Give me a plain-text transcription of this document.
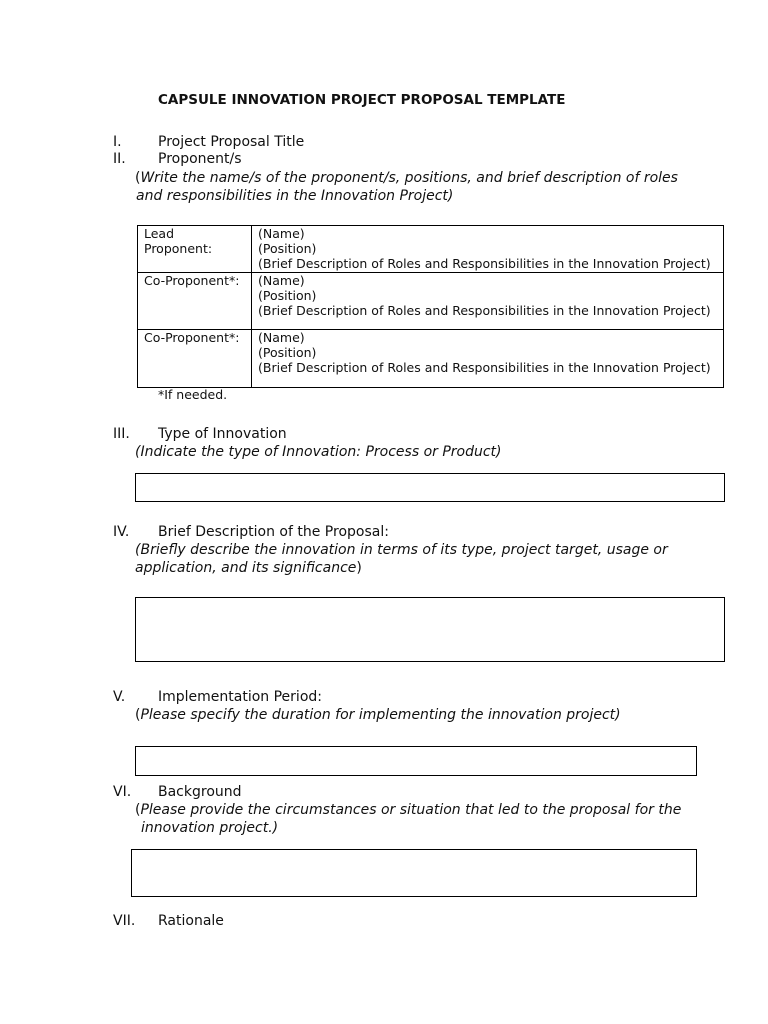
CAPSULE INNOVATION PROJECT PROPOSAL TEMPLATE
I.	Project Proposal Title
II. Proponent/s
(Write the name/s of the proponent/s, positions, and brief description of roles
and responsibilities in the Innovation Project)
Lead Proponent:	(Name)
(Position)
(Brief Description of Roles and Responsibilities in the Innovation Project)

Co-Proponent*:	(Name)
(Position)
(Brief Description of Roles and Responsibilities in the Innovation Project)

Co-Proponent*:	(Name)
(Position)
(Brief Description of Roles and Responsibilities in the Innovation Project)
*If needed.
III. Type of Innovation
(Indicate the type of Innovation: Process or Product)
IV. Brief Description of the Proposal:
(Briefly describe the innovation in terms of its type, project target, usage or
application, and its significance)
V. Implementation Period:
(Please specify the duration for implementing the innovation project)
VI. Background
(Please provide the circumstances or situation that led to the proposal for the
innovation project.)
VII. Rationale
